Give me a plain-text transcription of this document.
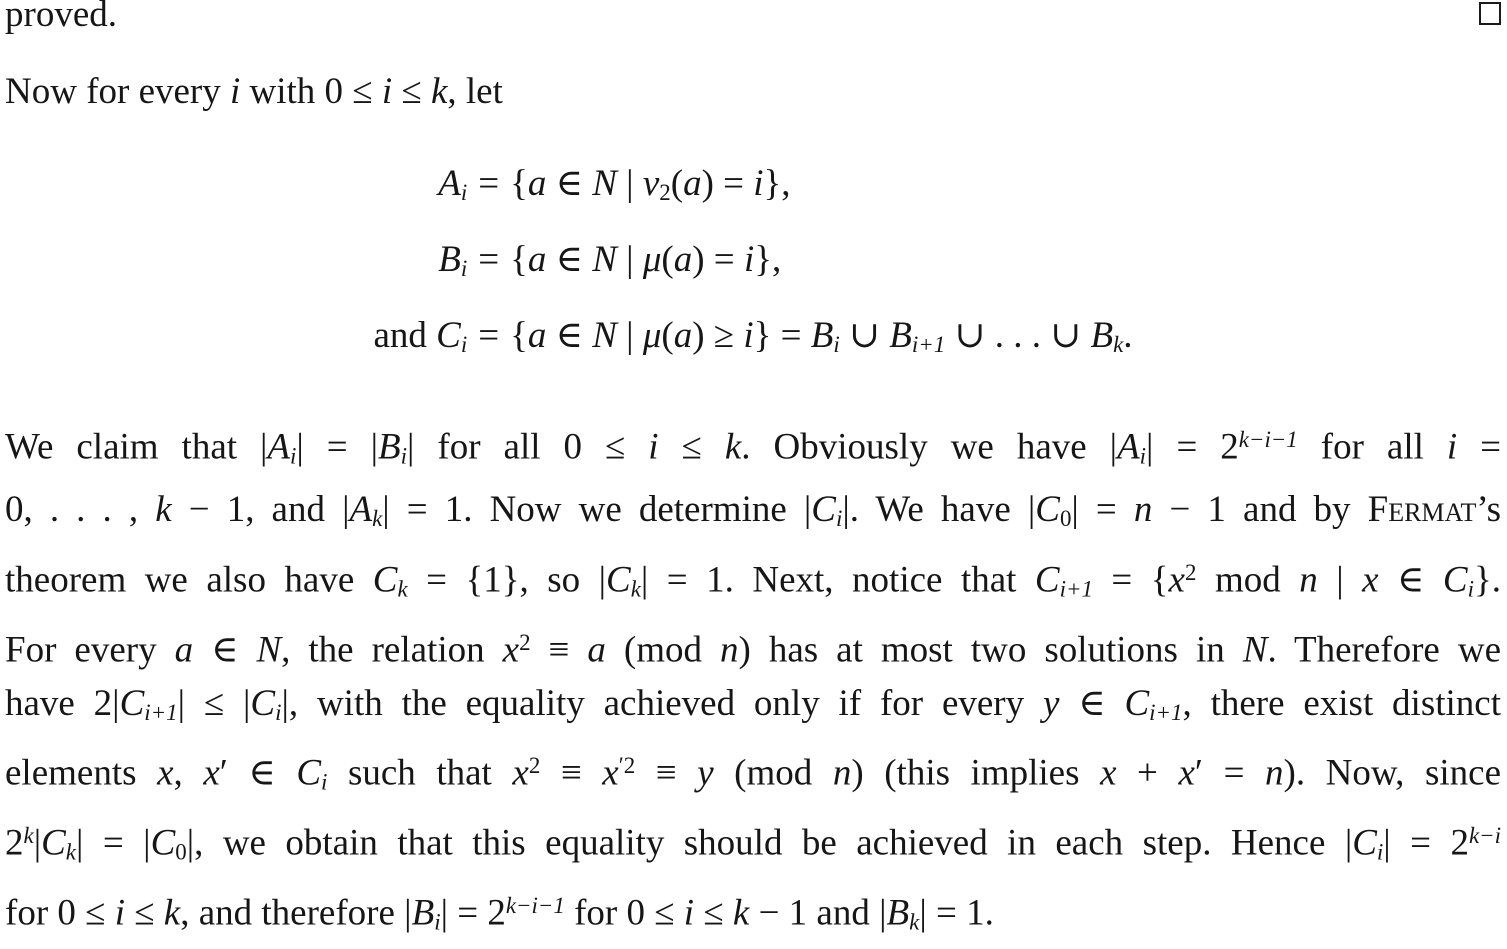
proved.
Now for every i with 0 ≤ i ≤ k, let
Ai	=	{a ∈ N | ν2(a) = i},
Bi	=	{a ∈ N | μ(a) = i},
and Ci	=	{a ∈ N | μ(a) ≥ i} = Bi ∪ Bi+1 ∪ . . . ∪ Bk.
We claim that |Ai| = |Bi| for all 0 ≤ i ≤ k. Obviously we have $|Ai| = 2^{k-i-1}$ for all i =
0, . . . , k − 1, and |Ak| = 1. Now we determine |Ci|. We have |C0| = n − 1 and by Fermat’s
theorem we also have Ck = {1}, so |Ck| = 1. Next, notice that $Ci+1 = \{x^2$ mod n | x ∈ Ci}.
For every a ∈ N, the relation $x^2 \equiv a$ (mod n) has at most two solutions in N. Therefore we
have 2|Ci+1| ≤ |Ci|, with the equality achieved only if for every y ∈ Ci+1, there exist distinct
elements x, x′ ∈ Ci such that $x^2 \equiv x^{'2} \equiv y$ (mod n) (this implies x + x′ = n). Now, since
$2^k|Ck| = |C0|$, we obtain that this equality should be achieved in each step. Hence $|Ci| = 2^{k-i}$
for 0 ≤ i ≤ k, and therefore $|Bi| = 2^{k-i-1}$ for 0 ≤ i ≤ k − 1 and |Bk| = 1.
